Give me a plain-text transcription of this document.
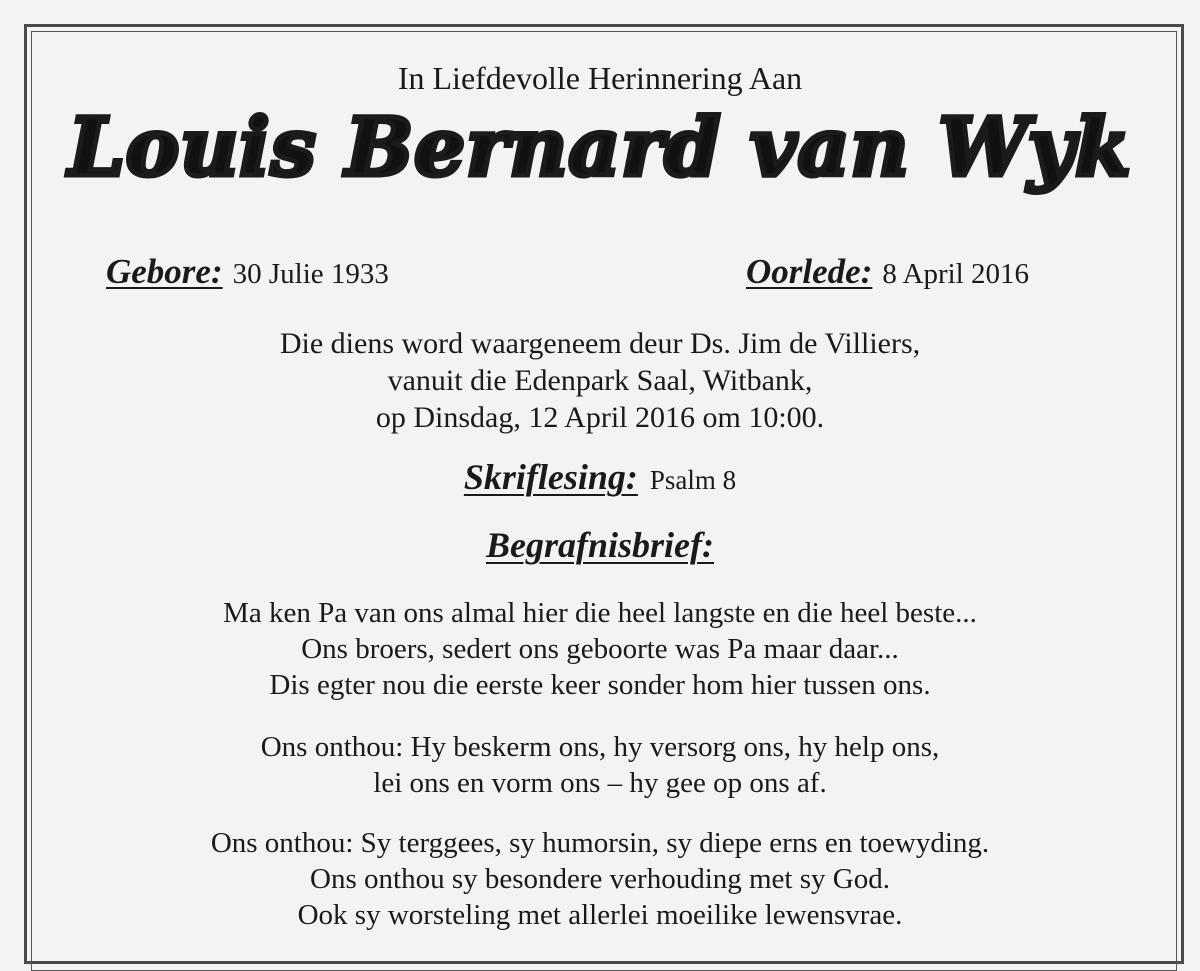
In Liefdevolle Herinnering Aan
Louis Bernard van Wyk
Gebore: 30 Julie 1933	Oorlede: 8 April 2016
Die diens word waargeneem deur Ds. Jim de Villiers,
vanuit die Edenpark Saal, Witbank,
op Dinsdag, 12 April 2016 om 10:00.
Skriflesing: Psalm 8
Begrafnisbrief:
Ma ken Pa van ons almal hier die heel langste en die heel beste...
Ons broers, sedert ons geboorte was Pa maar daar...
Dis egter nou die eerste keer sonder hom hier tussen ons.
Ons onthou: Hy beskerm ons, hy versorg ons, hy help ons,
lei ons en vorm ons – hy gee op ons af.
Ons onthou: Sy terggees, sy humorsin, sy diepe erns en toewyding.
Ons onthou sy besondere verhouding met sy God.
Ook sy worsteling met allerlei moeilike lewensvrae.
